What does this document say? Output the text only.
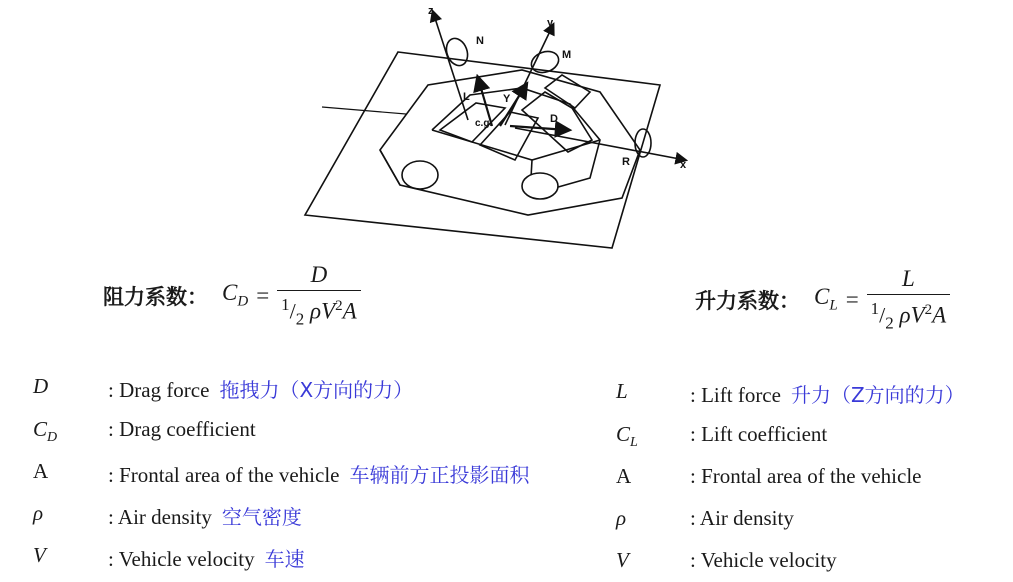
z
y
x
N
M
R
L	Y
D
c.g.
阻力系数： $C_D = \frac{D}{^1/_2 \rho V^2A}$	升力系数： $C_L = \frac{L}{^1/_2 \rho V^2A}$
D	: Drag force 拖拽力（X方向的力）
$C_D$ : Drag coefficient
A	: Frontal area of the vehicle 车辆前方正投影面积
ρ	: Air density 空气密度
V	: Vehicle velocity 车速
L	: Lift force 升力（Z方向的力）
$C_L$ : Lift coefficient
A	: Frontal area of the vehicle
ρ	: Air density
V	: Vehicle velocity
